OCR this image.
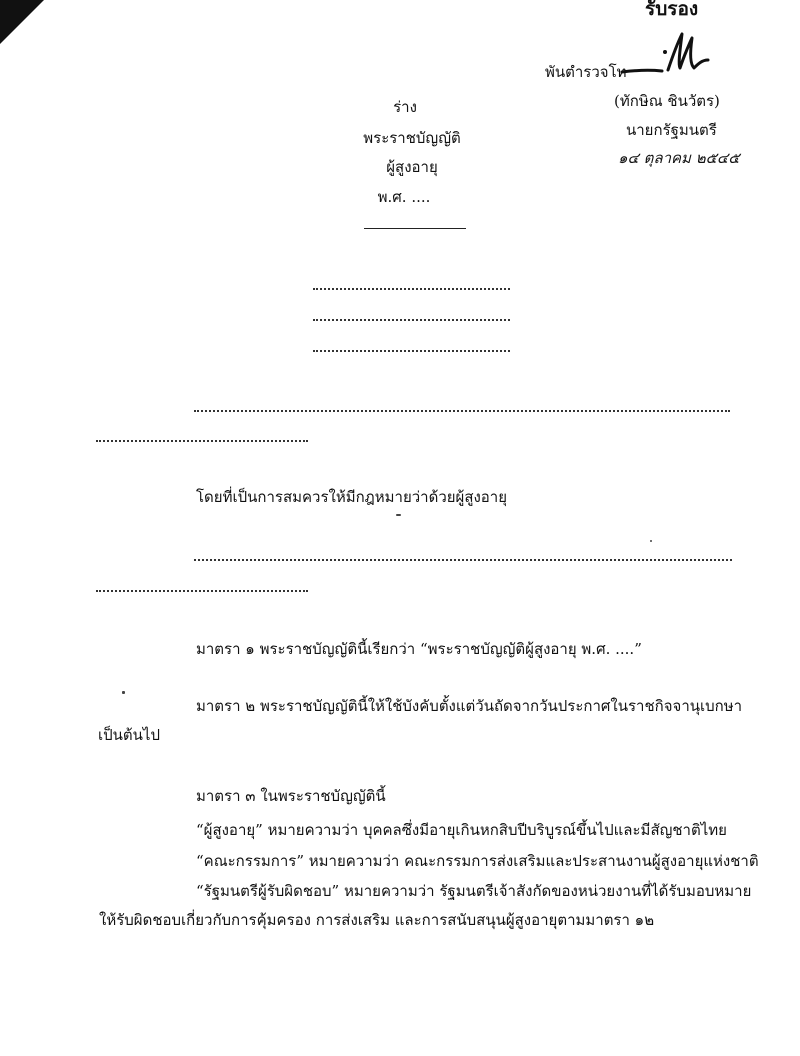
รับรอง
พันตำรวจโท
(ทักษิณ ชินวัตร)
นายกรัฐมนตรี
๑๔ ตุลาคม ๒๕๔๕
ร่าง
พระราชบัญญัติ
ผู้สูงอายุ
พ.ศ. ....
โดยที่เป็นการสมควรให้มีกฎหมายว่าด้วยผู้สูงอายุ
มาตรา ๑ พระราชบัญญัตินี้เรียกว่า “พระราชบัญญัติผู้สูงอายุ พ.ศ. ....”
มาตรา ๒ พระราชบัญญัตินี้ให้ใช้บังคับตั้งแต่วันถัดจากวันประกาศในราชกิจจานุเบกษา
เป็นต้นไป
มาตรา ๓ ในพระราชบัญญัตินี้
“ผู้สูงอายุ” หมายความว่า บุคคลซึ่งมีอายุเกินหกสิบปีบริบูรณ์ขึ้นไปและมีสัญชาติไทย
“คณะกรรมการ” หมายความว่า คณะกรรมการส่งเสริมและประสานงานผู้สูงอายุแห่งชาติ
“รัฐมนตรีผู้รับผิดชอบ” หมายความว่า รัฐมนตรีเจ้าสังกัดของหน่วยงานที่ได้รับมอบหมาย
ให้รับผิดชอบเกี่ยวกับการคุ้มครอง การส่งเสริม และการสนับสนุนผู้สูงอายุตามมาตรา ๑๒
